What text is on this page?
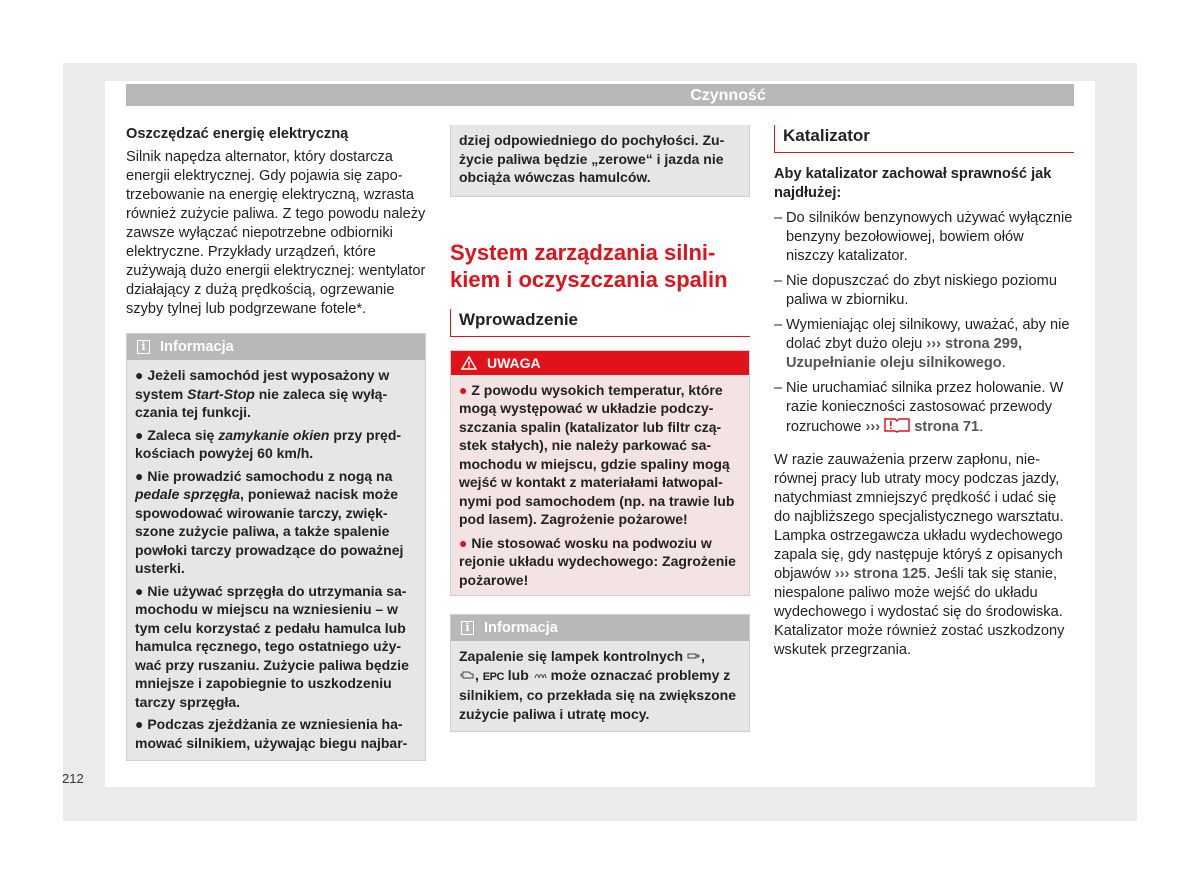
Czynność

Oszczędzać energię elektryczną

Silnik napędza alternator, który dostarcza energii elektrycznej. Gdy pojawia się zapotrzebowanie na energię elektryczną, wzrasta również zużycie paliwa. Z tego powodu należy zawsze wyłączać niepotrzebne odbiorniki elektryczne. Przykłady urządzeń, które zużywają dużo energii elektrycznej: wentylator działający z dużą prędkością, ogrzewanie szyby tylnej lub podgrzewane fotele*.

i Informacja

● Jeżeli samochód jest wyposażony w system Start-Stop nie zaleca się wyłączania tej funkcji.

● Zaleca się zamykanie okien przy prędkościach powyżej 60 km/h.

● Nie prowadzić samochodu z nogą na pedale sprzęgła, ponieważ nacisk może spowodować wirowanie tarczy, zwiększone zużycie paliwa, a także spalenie powłoki tarczy prowadzące do poważnej usterki.

● Nie używać sprzęgła do utrzymania samochodu w miejscu na wzniesieniu – w tym celu korzystać z pedału hamulca lub hamulca ręcznego, tego ostatniego używać przy ruszaniu. Zużycie paliwa będzie mniejsze i zapobiegnie to uszkodzeniu tarczy sprzęgła.

● Podczas zjeżdżania ze wzniesienia hamować silnikiem, używając biegu najbar-

dziej odpowiedniego do pochyłości. Zużycie paliwa będzie „zerowe“ i jazda nie obciąża wówczas hamulców.

System zarządzania silnikiem i oczyszczania spalin

Wprowadzenie
UWAGA

● Z powodu wysokich temperatur, które mogą występować w układzie podczyszczania spalin (katalizator lub filtr cząstek stałych), nie należy parkować samochodu w miejscu, gdzie spaliny mogą wejść w kontakt z materiałami łatwopalnymi pod samochodem (np. na trawie lub pod lasem). Zagrożenie pożarowe!

● Nie stosować wosku na podwoziu w rejonie układu wydechowego: Zagrożenie pożarowe!

i Informacja

Zapalenie się lampek kontrolnych ,
, EPC lub  może oznaczać problemy z silnikiem, co przekłada się na zwiększone zużycie paliwa i utratę mocy.

Katalizator

Aby katalizator zachował sprawność jak najdłużej:

– Do silników benzynowych używać wyłącznie benzyny bezołowiowej, bowiem ołów niszczy katalizator.
– Nie dopuszczać do zbyt niskiego poziomu paliwa w zbiorniku.
– Wymieniając olej silnikowy, uważać, aby nie dolać zbyt dużo oleju ››› strona 299, Uzupełnianie oleju silnikowego.
– Nie uruchamiać silnika przez holowanie. W razie konieczności zastosować przewody rozruchowe ››› strona 71.

W razie zauważenia przerw zapłonu, nierównej pracy lub utraty mocy podczas jazdy, natychmiast zmniejszyć prędkość i udać się do najbliższego specjalistycznego warsztatu. Lampka ostrzegawcza układu wydechowego zapala się, gdy następuje któryś z opisanych objawów ››› strona 125. Jeśli tak się stanie, niespalone paliwo może wejść do układu wydechowego i wydostać się do środowiska. Katalizator może również zostać uszkodzony wskutek przegrzania.

212
